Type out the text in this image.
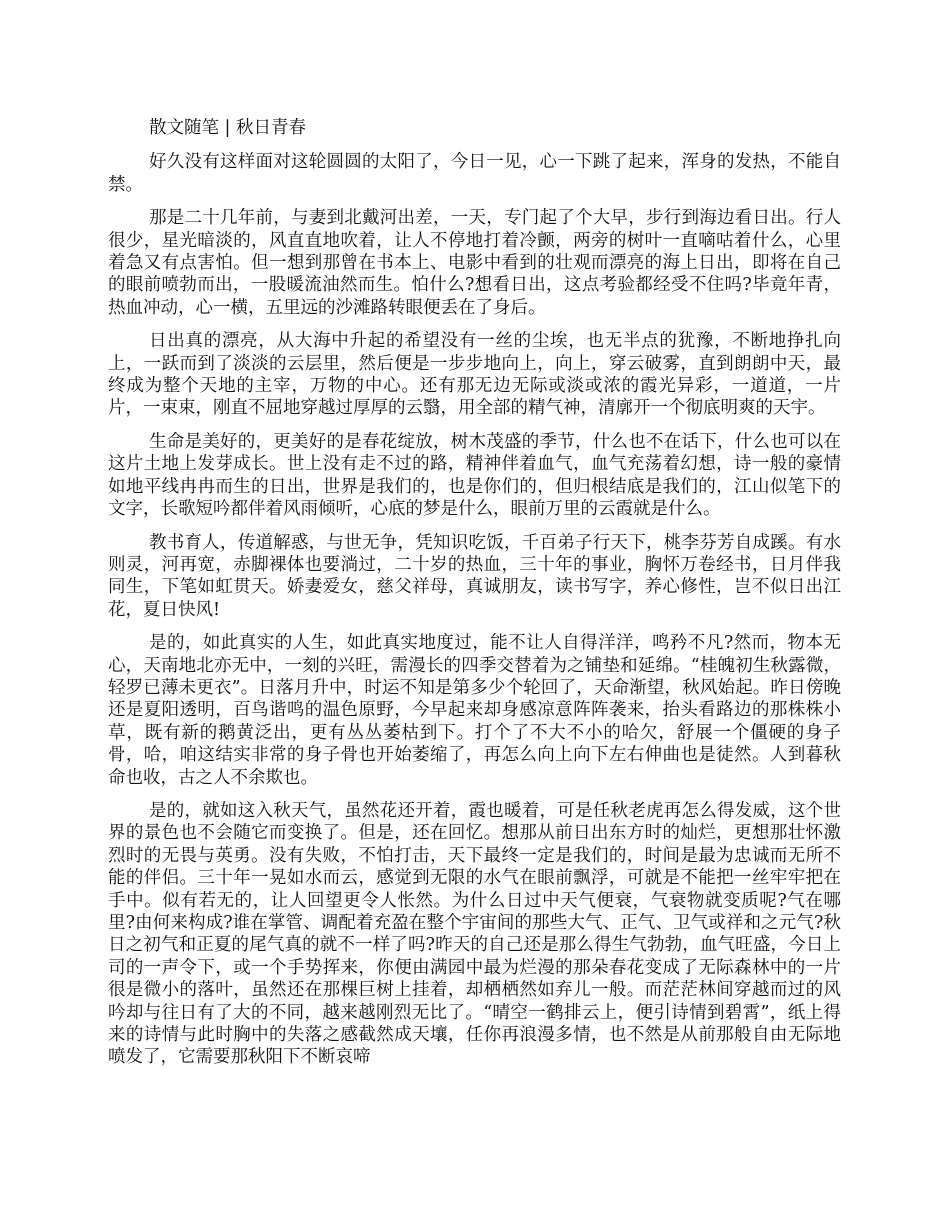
散文随笔 | 秋日青春

好久没有这样面对这轮圆圆的太阳了，今日一见，心一下跳了起来，浑身的发热，不能自禁。

那是二十几年前，与妻到北戴河出差，一天，专门起了个大早，步行到海边看日出。行人很少，星光暗淡的，风直直地吹着，让人不停地打着冷颤，两旁的树叶一直嘀咕着什么，心里着急又有点害怕。但一想到那曾在书本上、电影中看到的壮观而漂亮的海上日出，即将在自己的眼前喷勃而出，一股暖流油然而生。怕什么?想看日出，这点考验都经受不住吗?毕竟年青，热血冲动，心一横，五里远的沙滩路转眼便丢在了身后。

日出真的漂亮，从大海中升起的希望没有一丝的尘埃，也无半点的犹豫，不断地挣扎向上，一跃而到了淡淡的云层里，然后便是一步步地向上，向上，穿云破雾，直到朗朗中天，最终成为整个天地的主宰，万物的中心。还有那无边无际或淡或浓的霞光异彩，一道道，一片片，一束束，刚直不屈地穿越过厚厚的云翳，用全部的精气神，清廓开一个彻底明爽的天宇。

生命是美好的，更美好的是春花绽放，树木茂盛的季节，什么也不在话下，什么也可以在这片土地上发芽成长。世上没有走不过的路，精神伴着血气，血气充荡着幻想，诗一般的豪情如地平线冉冉而生的日出，世界是我们的，也是你们的，但归根结底是我们的，江山似笔下的文字，长歌短吟都伴着风雨倾听，心底的梦是什么，眼前万里的云霞就是什么。

教书育人，传道解惑，与世无争，凭知识吃饭，千百弟子行天下，桃李芬芳自成蹊。有水则灵，河再宽，赤脚裸体也要淌过，二十岁的热血，三十年的事业，胸怀万卷经书，日月伴我同生，下笔如虹贯天。娇妻爱女，慈父祥母，真诚朋友，读书写字，养心修性，岂不似日出江花，夏日快风!

是的，如此真实的人生，如此真实地度过，能不让人自得洋洋，鸣矜不凡?然而，物本无心，天南地北亦无中，一刻的兴旺，需漫长的四季交替着为之铺垫和延绵。“桂魄初生秋露微，轻罗已薄未更衣”。日落月升中，时运不知是第多少个轮回了，天命渐望，秋风始起。昨日傍晚还是夏阳透明，百鸟谐鸣的温色原野，今早起来却身感凉意阵阵袭来，抬头看路边的那株株小草，既有新的鹅黄泛出，更有丛丛萎枯到下。打个了不大不小的哈欠，舒展一个僵硬的身子骨，哈，咱这结实非常的身子骨也开始萎缩了，再怎么向上向下左右伸曲也是徒然。人到暮秋命也收，古之人不余欺也。

是的，就如这入秋天气，虽然花还开着，霞也暖着，可是任秋老虎再怎么得发威，这个世界的景色也不会随它而变换了。但是，还在回忆。想那从前日出东方时的灿烂，更想那壮怀激烈时的无畏与英勇。没有失败，不怕打击，天下最终一定是我们的，时间是最为忠诚而无所不能的伴侣。三十年一晃如水而云，感觉到无限的水气在眼前飘浮，可就是不能把一丝牢牢把在手中。似有若无的，让人回望更令人怅然。为什么日过中天气便衰，气衰物就变质呢?气在哪里?由何来构成?谁在掌管、调配着充盈在整个宇宙间的那些大气、正气、卫气或祥和之元气?秋日之初气和正夏的尾气真的就不一样了吗?昨天的自己还是那么得生气勃勃，血气旺盛，今日上司的一声令下，或一个手势挥来，你便由满园中最为烂漫的那朵春花变成了无际森林中的一片很是微小的落叶，虽然还在那棵巨树上挂着，却栖栖然如弃儿一般。而茫茫林间穿越而过的风吟却与往日有了大的不同，越来越刚烈无比了。“晴空一鹤排云上，便引诗情到碧霄”，纸上得来的诗情与此时胸中的失落之感截然成天壤，任你再浪漫多情，也不然是从前那般自由无际地喷发了，它需要那秋阳下不断哀啼
